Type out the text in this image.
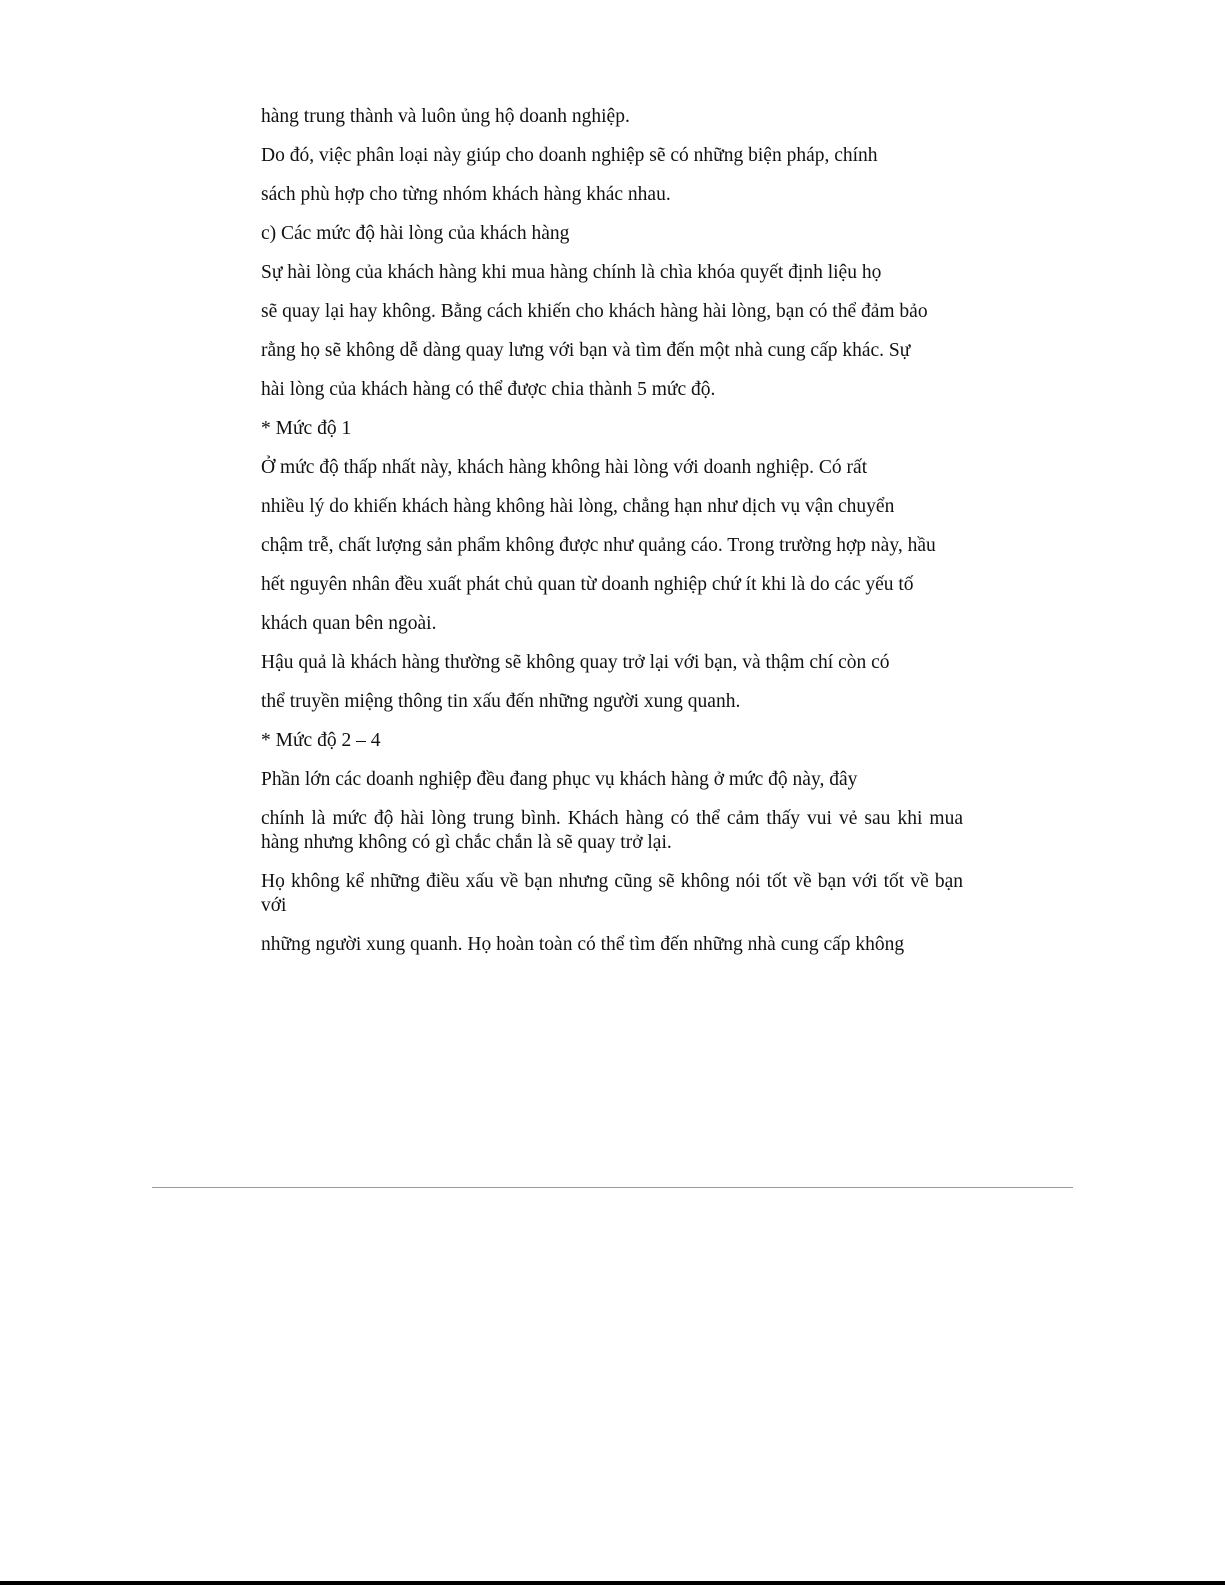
hàng trung thành và luôn ủng hộ doanh nghiệp.

Do đó, việc phân loại này giúp cho doanh nghiệp sẽ có những biện pháp, chính

sách phù hợp cho từng nhóm khách hàng khác nhau.

c) Các mức độ hài lòng của khách hàng

Sự hài lòng của khách hàng khi mua hàng chính là chìa khóa quyết định liệu họ

sẽ quay lại hay không. Bằng cách khiến cho khách hàng hài lòng, bạn có thể đảm bảo

rằng họ sẽ không dễ dàng quay lưng với bạn và tìm đến một nhà cung cấp khác. Sự

hài lòng của khách hàng có thể được chia thành 5 mức độ.

* Mức độ 1

Ở mức độ thấp nhất này, khách hàng không hài lòng với doanh nghiệp. Có rất

nhiều lý do khiến khách hàng không hài lòng, chẳng hạn như dịch vụ vận chuyển

chậm trễ, chất lượng sản phẩm không được như quảng cáo. Trong trường hợp này, hầu

hết nguyên nhân đều xuất phát chủ quan từ doanh nghiệp chứ ít khi là do các yếu tố

khách quan bên ngoài.

Hậu quả là khách hàng thường sẽ không quay trở lại với bạn, và thậm chí còn có

thể truyền miệng thông tin xấu đến những người xung quanh.

* Mức độ 2 – 4

Phần lớn các doanh nghiệp đều đang phục vụ khách hàng ở mức độ này, đây

chính là mức độ hài lòng trung bình. Khách hàng có thể cảm thấy vui vẻ sau khi mua hàng nhưng không có gì chắc chắn là sẽ quay trở lại.

Họ không kể những điều xấu về bạn nhưng cũng sẽ không nói tốt về bạn với tốt về bạn với

những người xung quanh. Họ hoàn toàn có thể tìm đến những nhà cung cấp không
